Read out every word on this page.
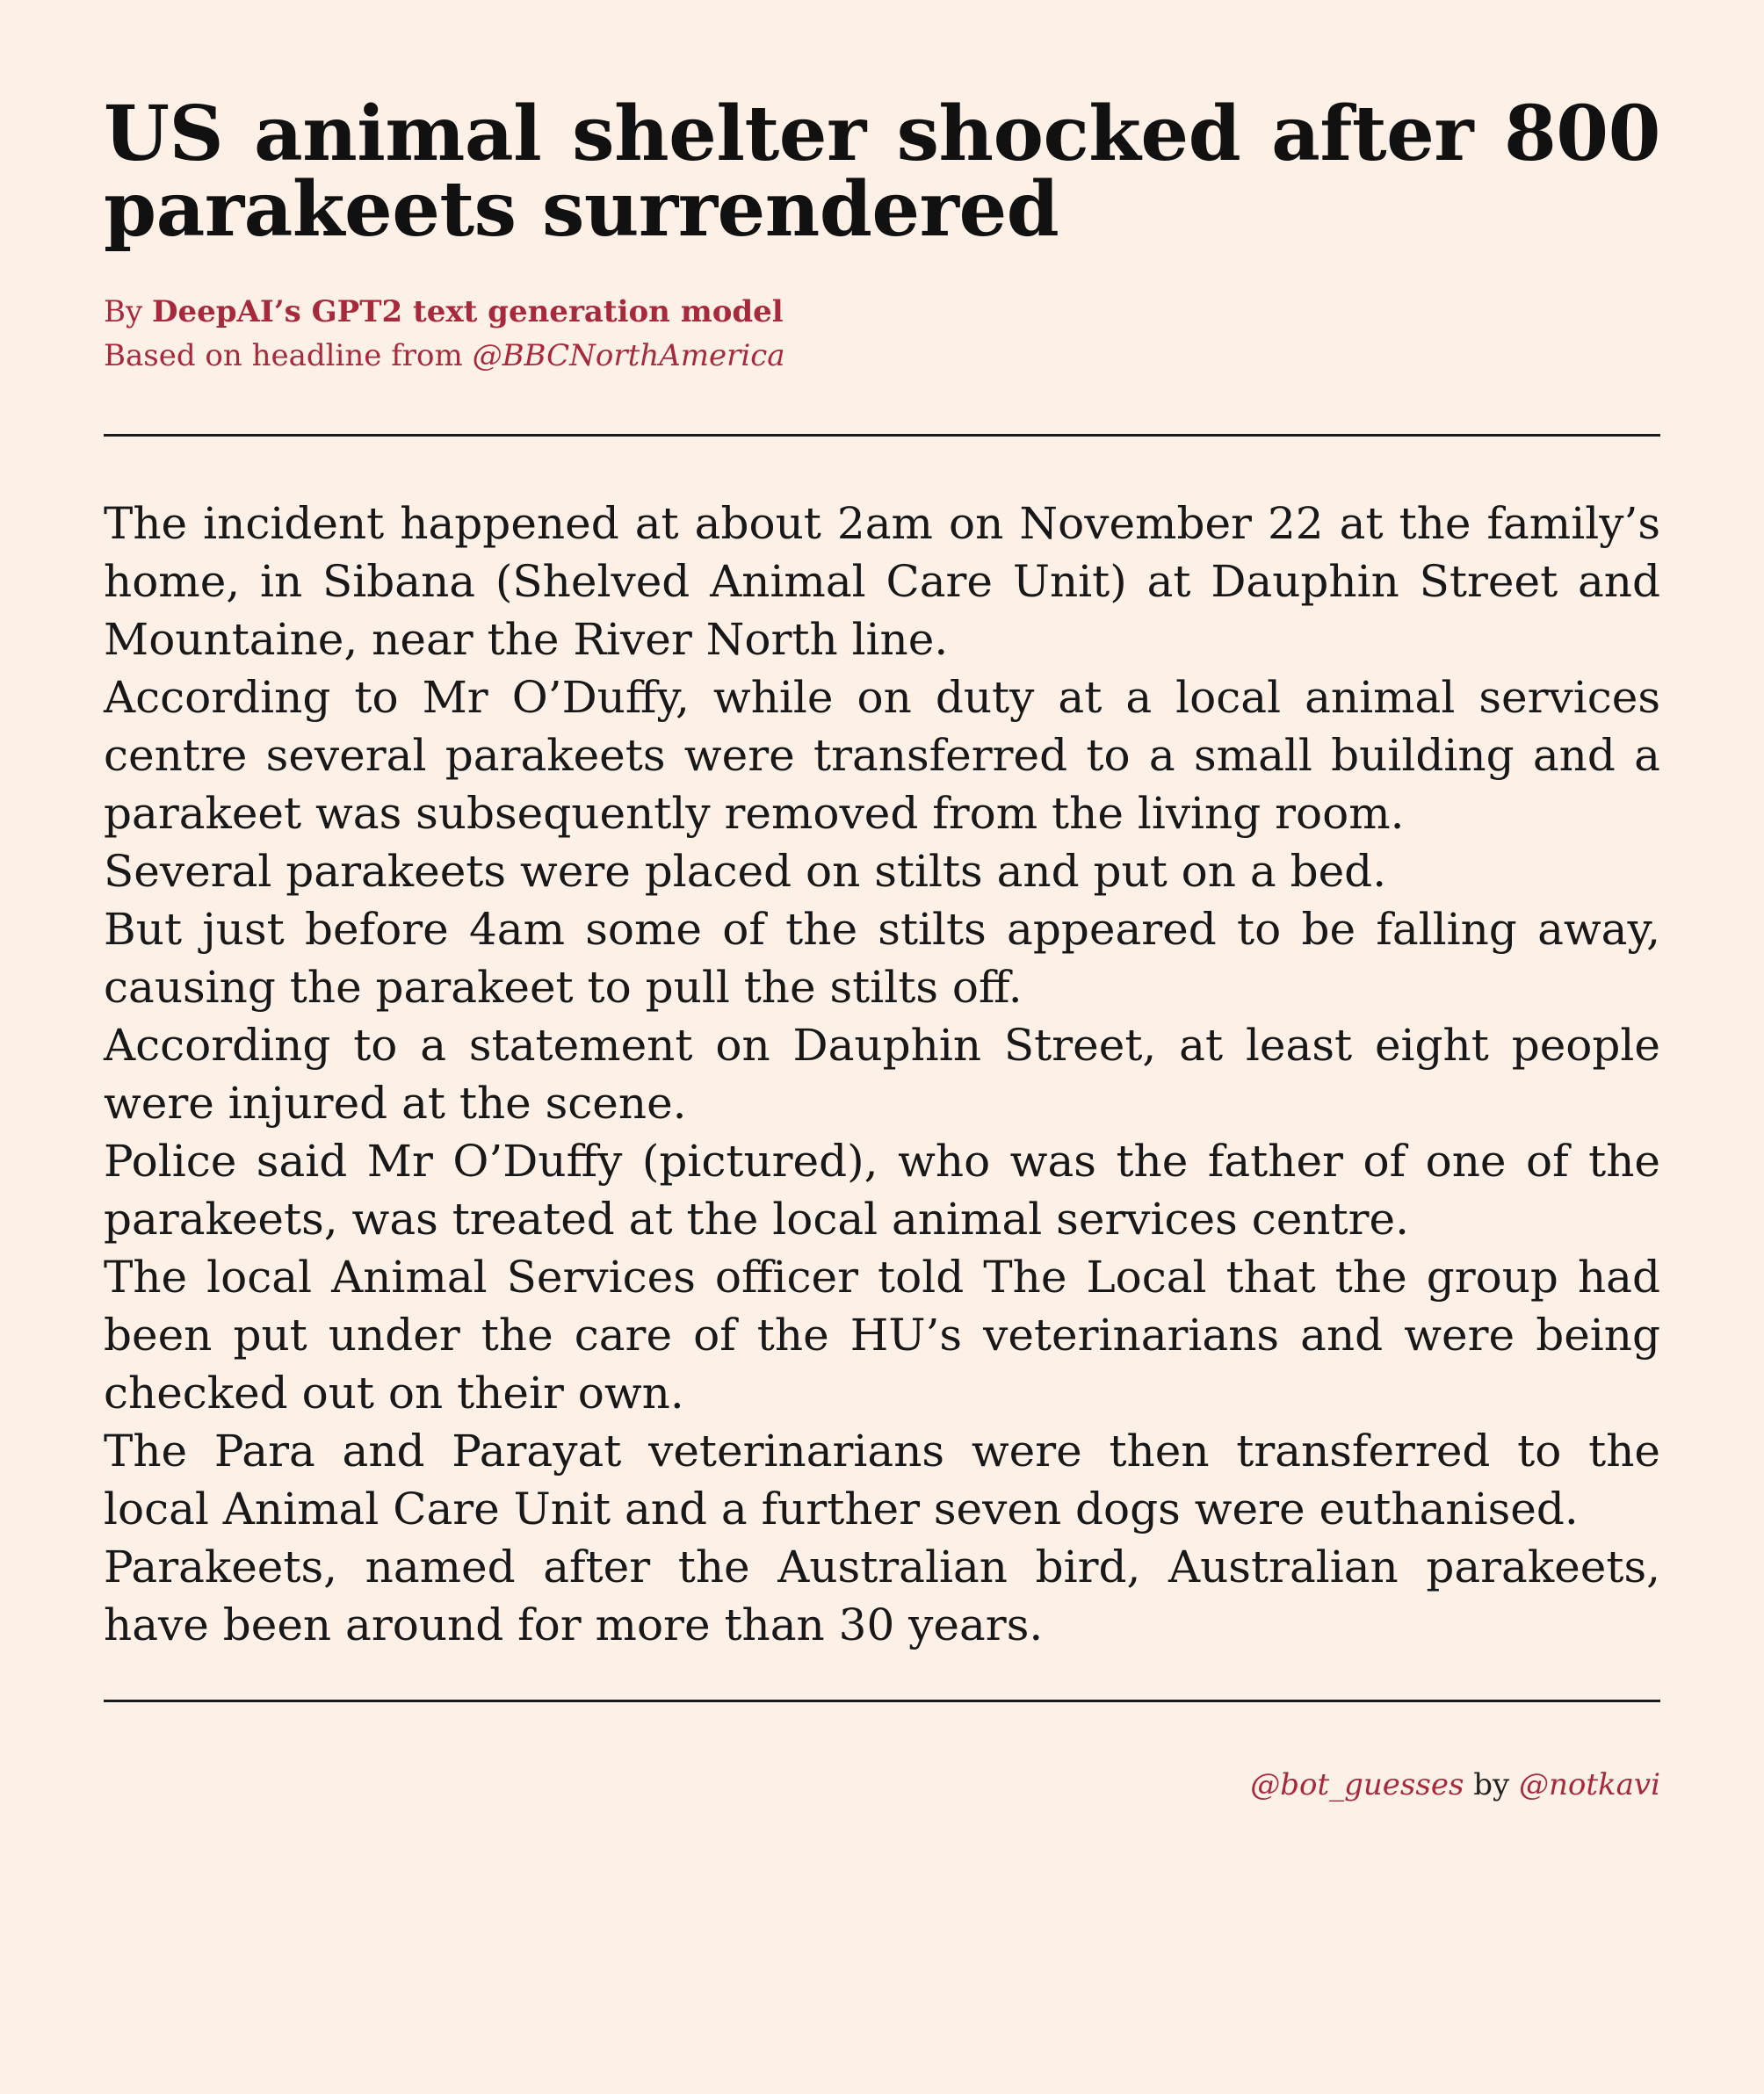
US animal shelter shocked after 800 parakeets surrendered
By DeepAI’s GPT2 text generation model
Based on headline from @BBCNorthAmerica

The incident happened at about 2am on November 22 at the family’s home, in Sibana (Shelved Animal Care Unit) at Dauphin Street and Mountaine, near the River North line.

According to Mr O’Duffy, while on duty at a local animal services centre several parakeets were transferred to a small building and a parakeet was subsequently removed from the living room.

Several parakeets were placed on stilts and put on a bed.

But just before 4am some of the stilts appeared to be falling away, causing the parakeet to pull the stilts off.

According to a statement on Dauphin Street, at least eight people were injured at the scene.

Police said Mr O’Duffy (pictured), who was the father of one of the parakeets, was treated at the local animal services centre.

The local Animal Services officer told The Local that the group had been put under the care of the HU’s veterinarians and were being checked out on their own.

The Para and Parayat veterinarians were then transferred to the local Animal Care Unit and a further seven dogs were euthanised.

Parakeets, named after the Australian bird, Australian parakeets, have been around for more than 30 years.

@bot_guesses by @notkavi
